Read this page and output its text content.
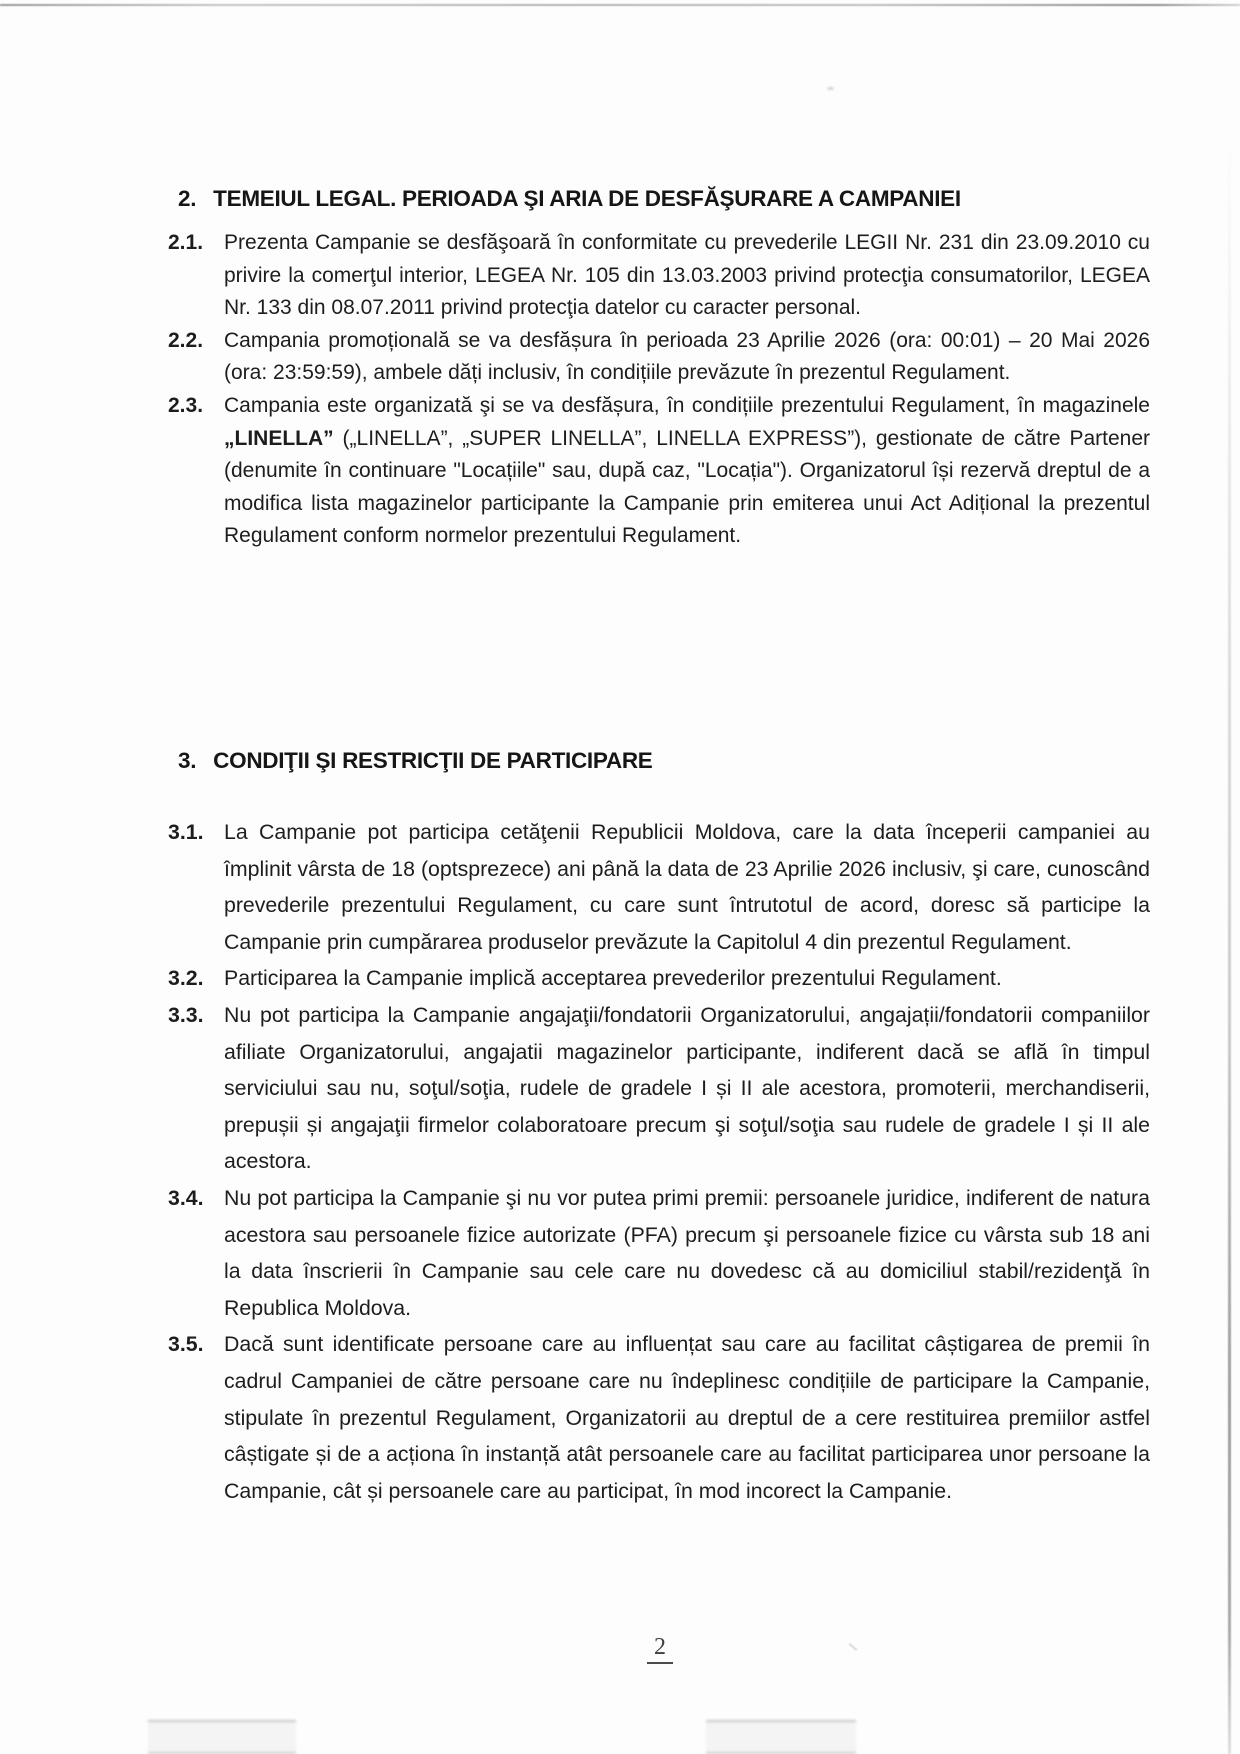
2. TEMEIUL LEGAL. PERIOADA ŞI ARIA DE DESFĂŞURARE A CAMPANIEI
2.1. Prezenta Campanie se desfăşoară în conformitate cu prevederile LEGII Nr. 231 din 23.09.2010 cu privire la comerţul interior, LEGEA Nr. 105 din 13.03.2003 privind protecţia consumatorilor, LEGEA Nr. 133 din 08.07.2011 privind protecţia datelor cu caracter personal.

2.2. Campania promoțională se va desfășura în perioada 23 Aprilie 2026 (ora: 00:01) – 20 Mai 2026 (ora: 23:59:59), ambele dăți inclusiv, în condițiile prevăzute în prezentul Regulament.

2.3. Campania este organizată şi se va desfășura, în condițiile prezentului Regulament, în magazinele „LINELLA” („LINELLA”, „SUPER LINELLA”, LINELLA EXPRESS”), gestionate de către Partener (denumite în continuare "Locațiile" sau, după caz, "Locația"). Organizatorul își rezervă dreptul de a modifica lista magazinelor participante la Campanie prin emiterea unui Act Adițional la prezentul Regulament conform normelor prezentului Regulament.

3. CONDIŢII ŞI RESTRICŢII DE PARTICIPARE
3.1. La Campanie pot participa cetăţenii Republicii Moldova, care la data începerii campaniei au împlinit vârsta de 18 (optsprezece) ani până la data de 23 Aprilie 2026 inclusiv, şi care, cunoscând prevederile prezentului Regulament, cu care sunt întrutotul de acord, doresc să participe la Campanie prin cumpărarea produselor prevăzute la Capitolul 4 din prezentul Regulament.

3.2. Participarea la Campanie implică acceptarea prevederilor prezentului Regulament.

3.3. Nu pot participa la Campanie angajaţii/fondatorii Organizatorului, angajații/fondatorii companiilor afiliate Organizatorului, angajatii magazinelor participante, indiferent dacă se află în timpul serviciului sau nu, soţul/soţia, rudele de gradele I și II ale acestora, promoterii, merchandiserii, prepușii și angajaţii firmelor colaboratoare precum şi soţul/soţia sau rudele de gradele I și II ale acestora.

3.4. Nu pot participa la Campanie şi nu vor putea primi premii: persoanele juridice, indiferent de natura acestora sau persoanele fizice autorizate (PFA) precum şi persoanele fizice cu vârsta sub 18 ani la data înscrierii în Campanie sau cele care nu dovedesc că au domiciliul stabil/rezidenţă în Republica Moldova.

3.5. Dacă sunt identificate persoane care au influențat sau care au facilitat câștigarea de premii în cadrul Campaniei de către persoane care nu îndeplinesc condițiile de participare la Campanie, stipulate în prezentul Regulament, Organizatorii au dreptul de a cere restituirea premiilor astfel câștigate și de a acționa în instanță atât persoanele care au facilitat participarea unor persoane la Campanie, cât și persoanele care au participat, în mod incorect la Campanie.

2
